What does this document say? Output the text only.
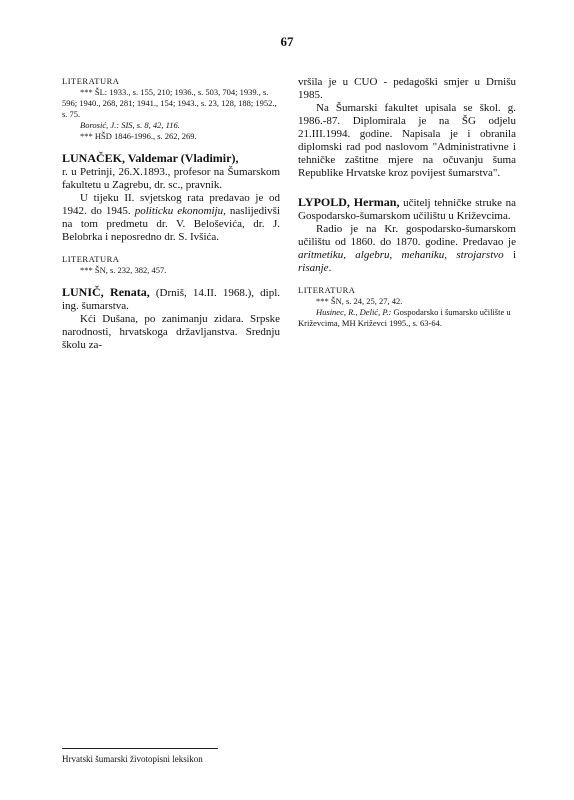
67
LITERATURA
*** ŠL: 1933., s. 155, 210; 1936., s. 503, 704; 1939., s. 596; 1940., 268, 281; 1941., 154; 1943., s. 23, 128, 188; 1952., s. 75.
Borosić, J.: SIS, s. 8, 42, 116.
*** HŠD 1846-1996., s. 262, 269.
LUNAČEK, Valdemar (Vladimir),
r. u Petrinji, 26.X.1893., profesor na Šumarskom fakultetu u Zagrebu, dr. sc., pravnik.
U tijeku II. svjetskog rata predavao je od 1942. do 1945. politicku ekonomiju, naslijedivši na tom predmetu dr. V. Beloševića, dr. J. Belobrka i neposredno dr. S. Ivšića.
LITERATURA
*** ŠN, s. 232, 382, 457.
LUNIČ, Renata, (Drniš, 14.II. 1968.), dipl. ing. šumarstva.
Kći Dušana, po zanimanju zidara. Srpske narodnosti, hrvatskoga državljanstva. Srednju školu za-
vršila je u CUO - pedagoški smjer u Drnišu 1985.
Na Šumarski fakultet upisala se škol. g. 1986.-87. Diplomirala je na ŠG odjelu 21.III.1994. godine. Napisala je i obranila diplomski rad pod naslovom "Administrativne i tehničke zaštitne mjere na očuvanju šuma Republike Hrvatske kroz povijest šumarstva".
LYPOLD, Herman, učitelj tehničke struke na Gospodarsko-šumarskom učilištu u Križevcima.
Radio je na Kr. gospodarsko-šumarskom učilištu od 1860. do 1870. godine. Predavao je aritmetiku, algebru, mehaniku, strojarstvo i risanje.
LITERATURA
*** ŠN, s. 24, 25, 27, 42.
Husinec, R., Delić, P.: Gospodarsko i šumarsko učilište u Križevcima, MH Križevci 1995., s. 63-64.
Hrvatski šumarski životopisni leksikon
